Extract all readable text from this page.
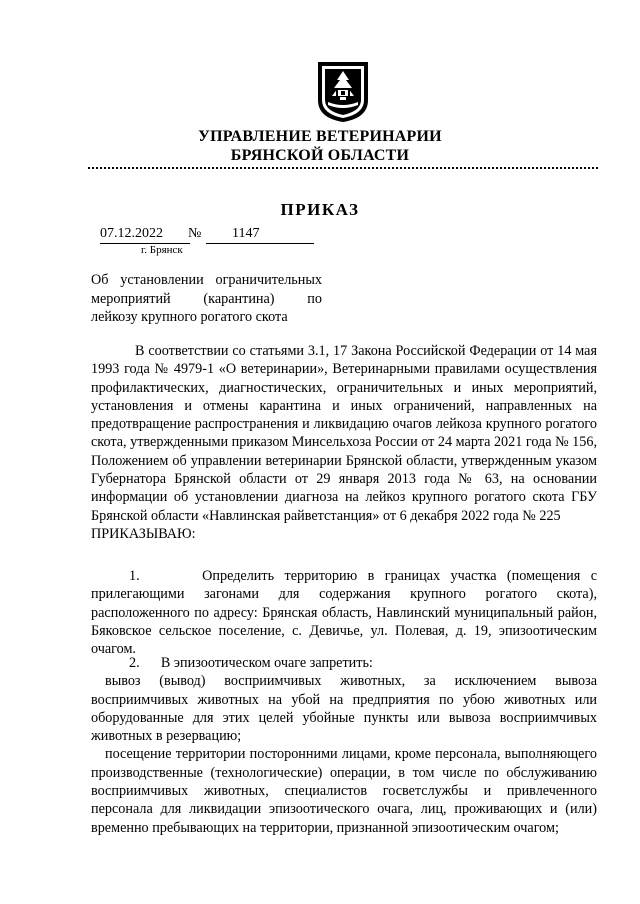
УПРАВЛЕНИЕ ВЕТЕРИНАРИИ
БРЯНСКОЙ ОБЛАСТИ
ПРИКАЗ
07.12.2022	№	1147
г. Брянск
Об установлении ограничительных
мероприятий (карантина) по
лейкозу крупного рогатого скота

В соответствии со статьями 3.1, 17 Закона Российской Федерации от 14 мая 1993 года № 4979-1 «О ветеринарии», Ветеринарными правилами осуществления профилактических, диагностических, ограничительных и иных мероприятий, установления и отмены карантина и иных ограничений, направленных на предотвращение распространения и ликвидацию очагов лейкоза крупного рогатого скота, утвержденными приказом Минсельхоза России от 24 марта 2021 года № 156, Положением об управлении ветеринарии Брянской области, утвержденным указом Губернатора Брянской области от 29 января 2013 года № 63, на основании информации об установлении диагноза на лейкоз крупного рогатого скота ГБУ Брянской области «Навлинская райветстанция» от 6 декабря 2022 года № 225

ПРИКАЗЫВАЮ:

1.      Определить территорию в границах участка (помещения с прилегающими загонами для содержания крупного рогатого скота), расположенного по адресу: Брянская область, Навлинский муниципальный район, Бяковское сельское поселение, с. Девичье, ул. Полевая, д. 19, эпизоотическим очагом.

2.      В эпизоотическом очаге запретить:

вывоз (вывод) восприимчивых животных, за исключением вывоза восприимчивых животных на убой на предприятия по убою животных или оборудованные для этих целей убойные пункты или вывоза восприимчивых животных в резервацию;

посещение территории посторонними лицами, кроме персонала, выполняющего производственные (технологические) операции, в том числе по обслуживанию восприимчивых животных, специалистов госветслужбы и привлеченного персонала для ликвидации эпизоотического очага, лиц, проживающих и (или) временно пребывающих на территории, признанной эпизоотическим очагом;
